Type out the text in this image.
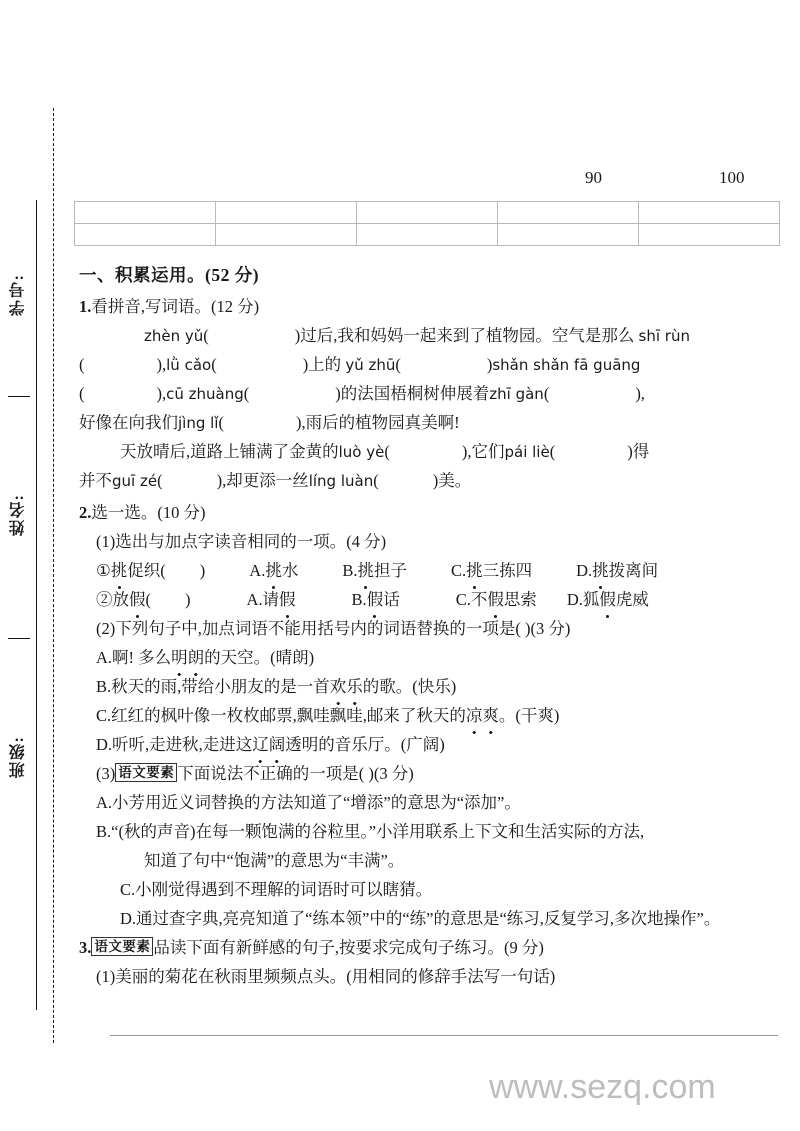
学号:
姓名:
班级:
90	100

一、积累运用。(52 分)
1.看拼音,写词语。(12 分)
zhèn yǔ(	)过后,我和妈妈一起来到了植物园。空气是那么 shī rùn
(	),lǜ cǎo(	)上的 yǔ zhū(	)shǎn shǎn fā guāng
(	),cū zhuàng(	)的法国梧桐树伸展着zhī gàn(	),
好像在向我们jìng lǐ(	),雨后的植物园真美啊!
天放晴后,道路上铺满了金黄的luò yè(	),它们pái liè(	)得
并不guī zé(	),却更添一丝líng luàn(	)美。
2.选一选。(10 分)
(1)选出与加点字读音相同的一项。(4 分)
①挑促织( )	A.挑水	B.挑担子	C.挑三拣四	D.挑拨离间
②放假( )	A.请假	B.假话	C.不假思索 D.狐假虎威
(2)下列句子中,加点词语不能用括号内的词语替换的一项是( )(3 分)
A.啊! 多么明朗的天空。(晴朗)
B.秋天的雨,带给小朋友的是一首欢乐的歌。(快乐)
C.红红的枫叶像一枚枚邮票,飘哇飘哇,邮来了秋天的凉爽。(干爽)
D.听听,走进秋,走进这辽阔透明的音乐厅。(广阔)
(3) 语文要素 下面说法不正确的一项是( )(3 分)
A.小芳用近义词替换的方法知道了“增添”的意思为“添加”。
B.“(秋的声音)在每一颗饱满的谷粒里。”小洋用联系上下文和生活实际的方法,
知道了句中“饱满”的意思为“丰满”。
C.小刚觉得遇到不理解的词语时可以瞎猜。
D.通过查字典,亮亮知道了“练本领”中的“练”的意思是“练习,反复学习,多次地操作”。
3. 语文要素 品读下面有新鲜感的句子,按要求完成句子练习。(9 分)
(1)美丽的菊花在秋雨里频频点头。(用相同的修辞手法写一句话)
www.sezq.com
